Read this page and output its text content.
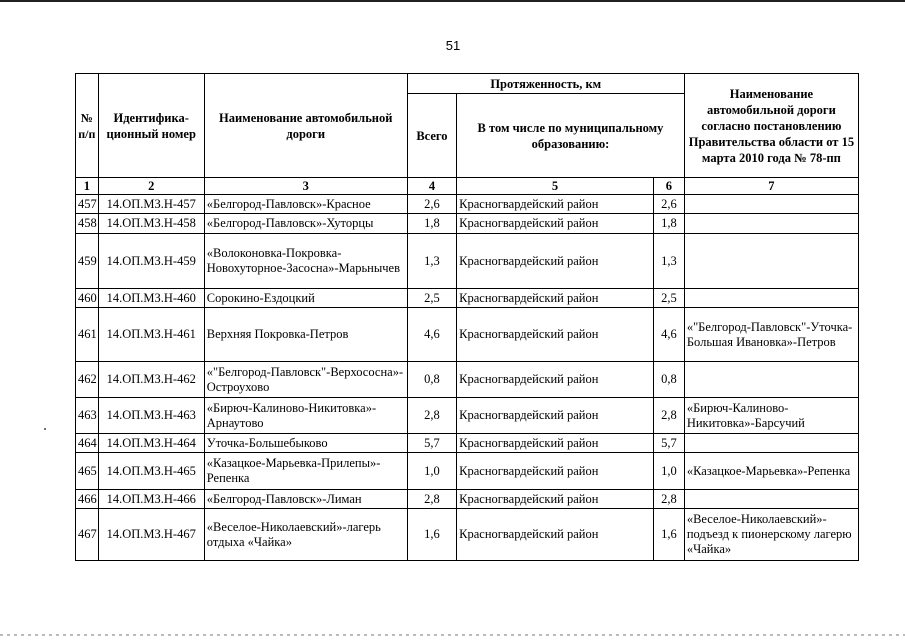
51
№ п/п	Идентифика-ционный номер	Наименование автомобильной дороги	Протяженность, км			Наименование автомобильной дороги согласно постановлению Правительства области от 15 марта 2010 года № 78-пп
			Всего	В том числе по муниципальному образованию:		
1	2	3	4	5	6	7
457	14.ОП.МЗ.Н-457	«Белгород-Павловск»-Красное	2,6	Красногвардейский район	2,6	
458	14.ОП.МЗ.Н-458	«Белгород-Павловск»-Хуторцы	1,8	Красногвардейский район	1,8	
459	14.ОП.МЗ.Н-459	«Волоконовка-Покровка-Новохуторное-Засосна»-Марьнычев	1,3	Красногвардейский район	1,3	
460	14.ОП.МЗ.Н-460	Сорокино-Ездоцкий	2,5	Красногвардейский район	2,5	
461	14.ОП.МЗ.Н-461	Верхняя Покровка-Петров	4,6	Красногвардейский район	4,6	«"Белгород-Павловск"-Уточка-Большая Ивановка»-Петров
462	14.ОП.МЗ.Н-462	«"Белгород-Павловск"-Верхососна»-Остроухово	0,8	Красногвардейский район	0,8	
463	14.ОП.МЗ.Н-463	«Бирюч-Калиново-Никитовка»-Арнаутово	2,8	Красногвардейский район	2,8	«Бирюч-Калиново-Никитовка»-Барсучий
464	14.ОП.МЗ.Н-464	Уточка-Большебыково	5,7	Красногвардейский район	5,7	
465	14.ОП.МЗ.Н-465	«Казацкое-Марьевка-Прилепы»-Репенка	1,0	Красногвардейский район	1,0	«Казацкое-Марьевка»-Репенка
466	14.ОП.МЗ.Н-466	«Белгород-Павловск»-Лиман	2,8	Красногвардейский район	2,8	
467	14.ОП.МЗ.Н-467	«Веселое-Николаевский»-лагерь отдыха «Чайка»	1,6	Красногвардейский район	1,6	«Веселое-Николаевский»-подъезд к пионерскому лагерю «Чайка»
